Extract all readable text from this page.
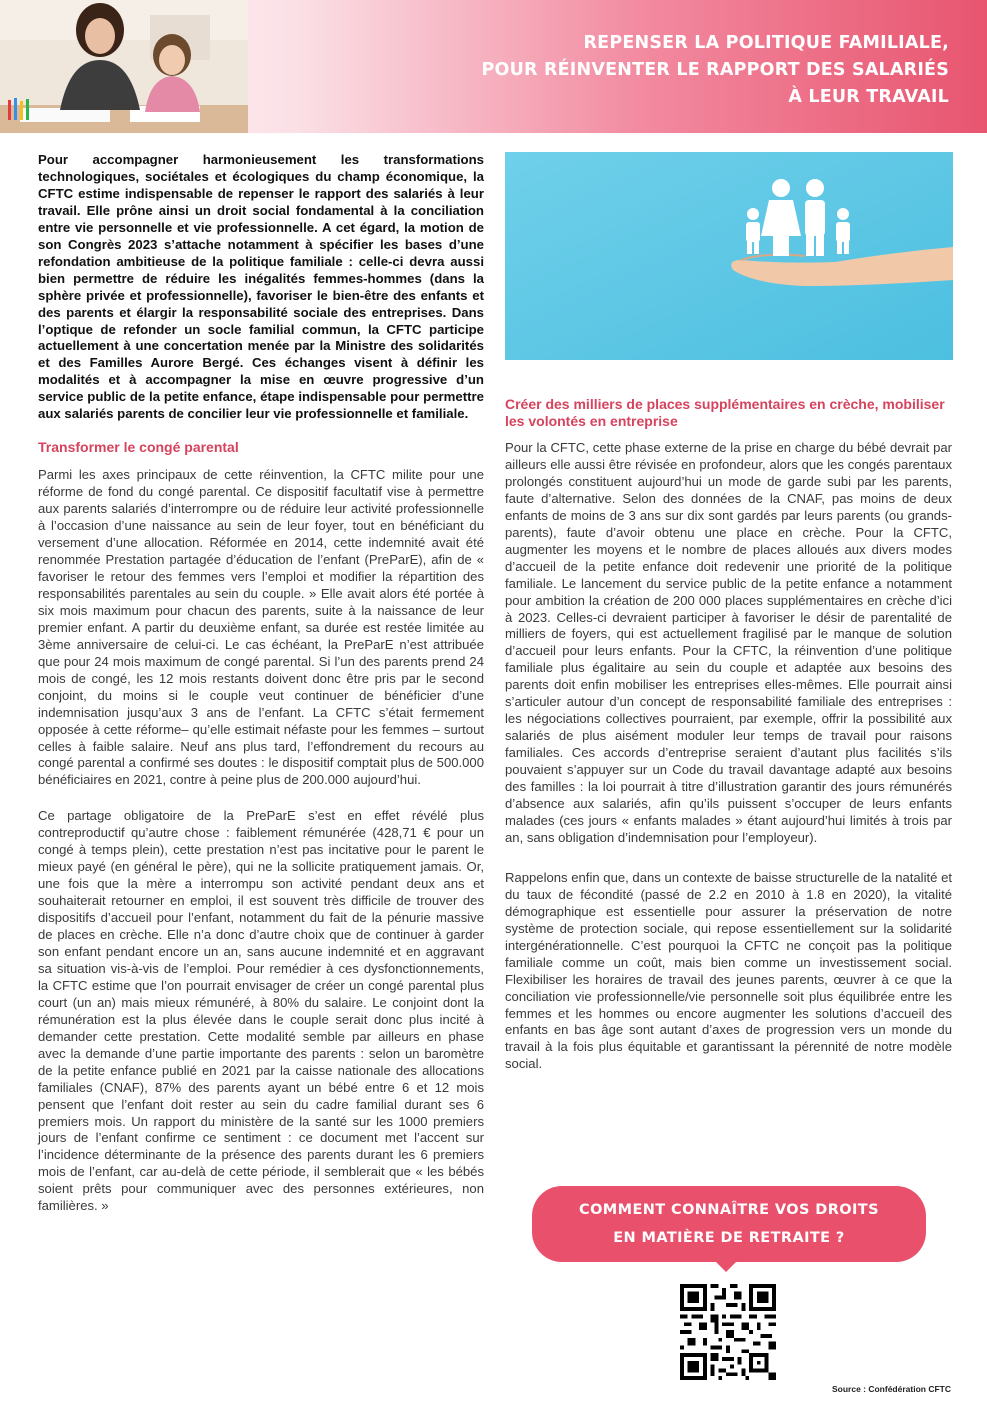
REPENSER LA POLITIQUE FAMILIALE,
POUR RÉINVENTER LE RAPPORT DES SALARIÉS
À LEUR TRAVAIL

Pour accompagner harmonieusement les transformations technologiques, sociétales et écologiques du champ économique, la CFTC estime indispensable de repenser le rapport des salariés à leur travail. Elle prône ainsi un droit social fondamental à la conciliation entre vie personnelle et vie professionnelle. A cet égard, la motion de son Congrès 2023 s’attache notamment à spécifier les bases d’une refondation ambitieuse de la politique familiale : celle-ci devra aussi bien permettre de réduire les inégalités femmes-hommes (dans la sphère privée et professionnelle), favoriser le bien-être des enfants et des parents et élargir la responsabilité sociale des entreprises. Dans l’optique de refonder un socle familial commun, la CFTC participe actuellement à une concertation menée par la Ministre des solidarités et des Familles Aurore Bergé. Ces échanges visent à définir les modalités et à accompagner la mise en œuvre progressive d’un service public de la petite enfance, étape indispensable pour permettre aux salariés parents de concilier leur vie professionnelle et familiale.

Transformer le congé parental

Parmi les axes principaux de cette réinvention, la CFTC milite pour une réforme de fond du congé parental. Ce dispositif facultatif vise à permettre aux parents salariés d’interrompre ou de réduire leur activité professionnelle à l’occasion d’une naissance au sein de leur foyer, tout en bénéficiant du versement d’une allocation. Réformée en 2014, cette indemnité avait été renommée Prestation partagée d’éducation de l’enfant (PreParE), afin de « favoriser le retour des femmes vers l’emploi et modifier la répartition des responsabilités parentales au sein du couple. » Elle avait alors été portée à six mois maximum pour chacun des parents, suite à la naissance de leur premier enfant. A partir du deuxième enfant, sa durée est restée limitée au 3ème anniversaire de celui-ci. Le cas échéant, la PreParE n’est attribuée que pour 24 mois maximum de congé parental. Si l’un des parents prend 24 mois de congé, les 12 mois restants doivent donc être pris par le second conjoint, du moins si le couple veut continuer de bénéficier d’une indemnisation jusqu’aux 3 ans de l’enfant. La CFTC s’était fermement opposée à cette réforme– qu’elle estimait néfaste pour les femmes – surtout celles à faible salaire. Neuf ans plus tard, l’effondrement du recours au congé parental a confirmé ses doutes : le dispositif comptait plus de 500.000 bénéficiaires en 2021, contre à peine plus de 200.000 aujourd’hui.

Ce partage obligatoire de la PreParE s’est en effet révélé plus contreproductif qu’autre chose : faiblement rémunérée (428,71 € pour un congé à temps plein), cette prestation n’est pas incitative pour le parent le mieux payé (en général le père), qui ne la sollicite pratiquement jamais. Or, une fois que la mère a interrompu son activité pendant deux ans et souhaiterait retourner en emploi, il est souvent très difficile de trouver des dispositifs d’accueil pour l’enfant, notamment du fait de la pénurie massive de places en crèche. Elle n’a donc d’autre choix que de continuer à garder son enfant pendant encore un an, sans aucune indemnité et en aggravant sa situation vis-à-vis de l’emploi. Pour remédier à ces dysfonctionnements, la CFTC estime que l’on pourrait envisager de créer un congé parental plus court (un an) mais mieux rémunéré, à 80% du salaire. Le conjoint dont la rémunération est la plus élevée dans le couple serait donc plus incité à demander cette prestation. Cette modalité semble par ailleurs en phase avec la demande d’une partie importante des parents : selon un baromètre de la petite enfance publié en 2021 par la caisse nationale des allocations familiales (CNAF), 87% des parents ayant un bébé entre 6 et 12 mois pensent que l’enfant doit rester au sein du cadre familial durant ses 6 premiers mois. Un rapport du ministère de la santé sur les 1000 premiers jours de l’enfant confirme ce sentiment : ce document met l’accent sur l’incidence déterminante de la présence des parents durant les 6 premiers mois de l’enfant, car au-delà de cette période, il semblerait que « les bébés soient prêts pour communiquer avec des personnes extérieures, non familières. »

Créer des milliers de places supplémentaires en crèche, mobiliser les volontés en entreprise

Pour la CFTC, cette phase externe de la prise en charge du bébé devrait par ailleurs elle aussi être révisée en profondeur, alors que les congés parentaux prolongés constituent aujourd’hui un mode de garde subi par les parents, faute d’alternative. Selon des données de la CNAF, pas moins de deux enfants de moins de 3 ans sur dix sont gardés par leurs parents (ou grands-parents), faute d’avoir obtenu une place en crèche. Pour la CFTC, augmenter les moyens et le nombre de places alloués aux divers modes d’accueil de la petite enfance doit redevenir une priorité de la politique familiale. Le lancement du service public de la petite enfance a notamment pour ambition la création de 200 000 places supplémentaires en crèche d’ici à 2023. Celles-ci devraient participer à favoriser le désir de parentalité de milliers de foyers, qui est actuellement fragilisé par le manque de solution d’accueil pour leurs enfants. Pour la CFTC, la réinvention d’une politique familiale plus égalitaire au sein du couple et adaptée aux besoins des parents doit enfin mobiliser les entreprises elles-mêmes. Elle pourrait ainsi s’articuler autour d’un concept de responsabilité familiale des entreprises : les négociations collectives pourraient, par exemple, offrir la possibilité aux salariés de plus aisément moduler leur temps de travail pour raisons familiales. Ces accords d’entreprise seraient d’autant plus facilités s’ils pouvaient s’appuyer sur un Code du travail davantage adapté aux besoins des familles : la loi pourrait à titre d’illustration garantir des jours rémunérés d’absence aux salariés, afin qu’ils puissent s’occuper de leurs enfants malades (ces jours « enfants malades » étant aujourd’hui limités à trois par an, sans obligation d’indemnisation pour l’employeur).

Rappelons enfin que, dans un contexte de baisse structurelle de la natalité et du taux de fécondité (passé de 2.2 en 2010 à 1.8 en 2020), la vitalité démographique est essentielle pour assurer la préservation de notre système de protection sociale, qui repose essentiellement sur la solidarité intergénérationnelle. C’est pourquoi la CFTC ne conçoit pas la politique familiale comme un coût, mais bien comme un investissement social. Flexibiliser les horaires de travail des jeunes parents, œuvrer à ce que la conciliation vie professionnelle/vie personnelle soit plus équilibrée entre les femmes et les hommes ou encore augmenter les solutions d’accueil des enfants en bas âge sont autant d’axes de progression vers un monde du travail à la fois plus équitable et garantissant la pérennité de notre modèle social.

COMMENT CONNAÎTRE VOS DROITS
EN MATIÈRE DE RETRAITE ?
Source : Confédération CFTC
